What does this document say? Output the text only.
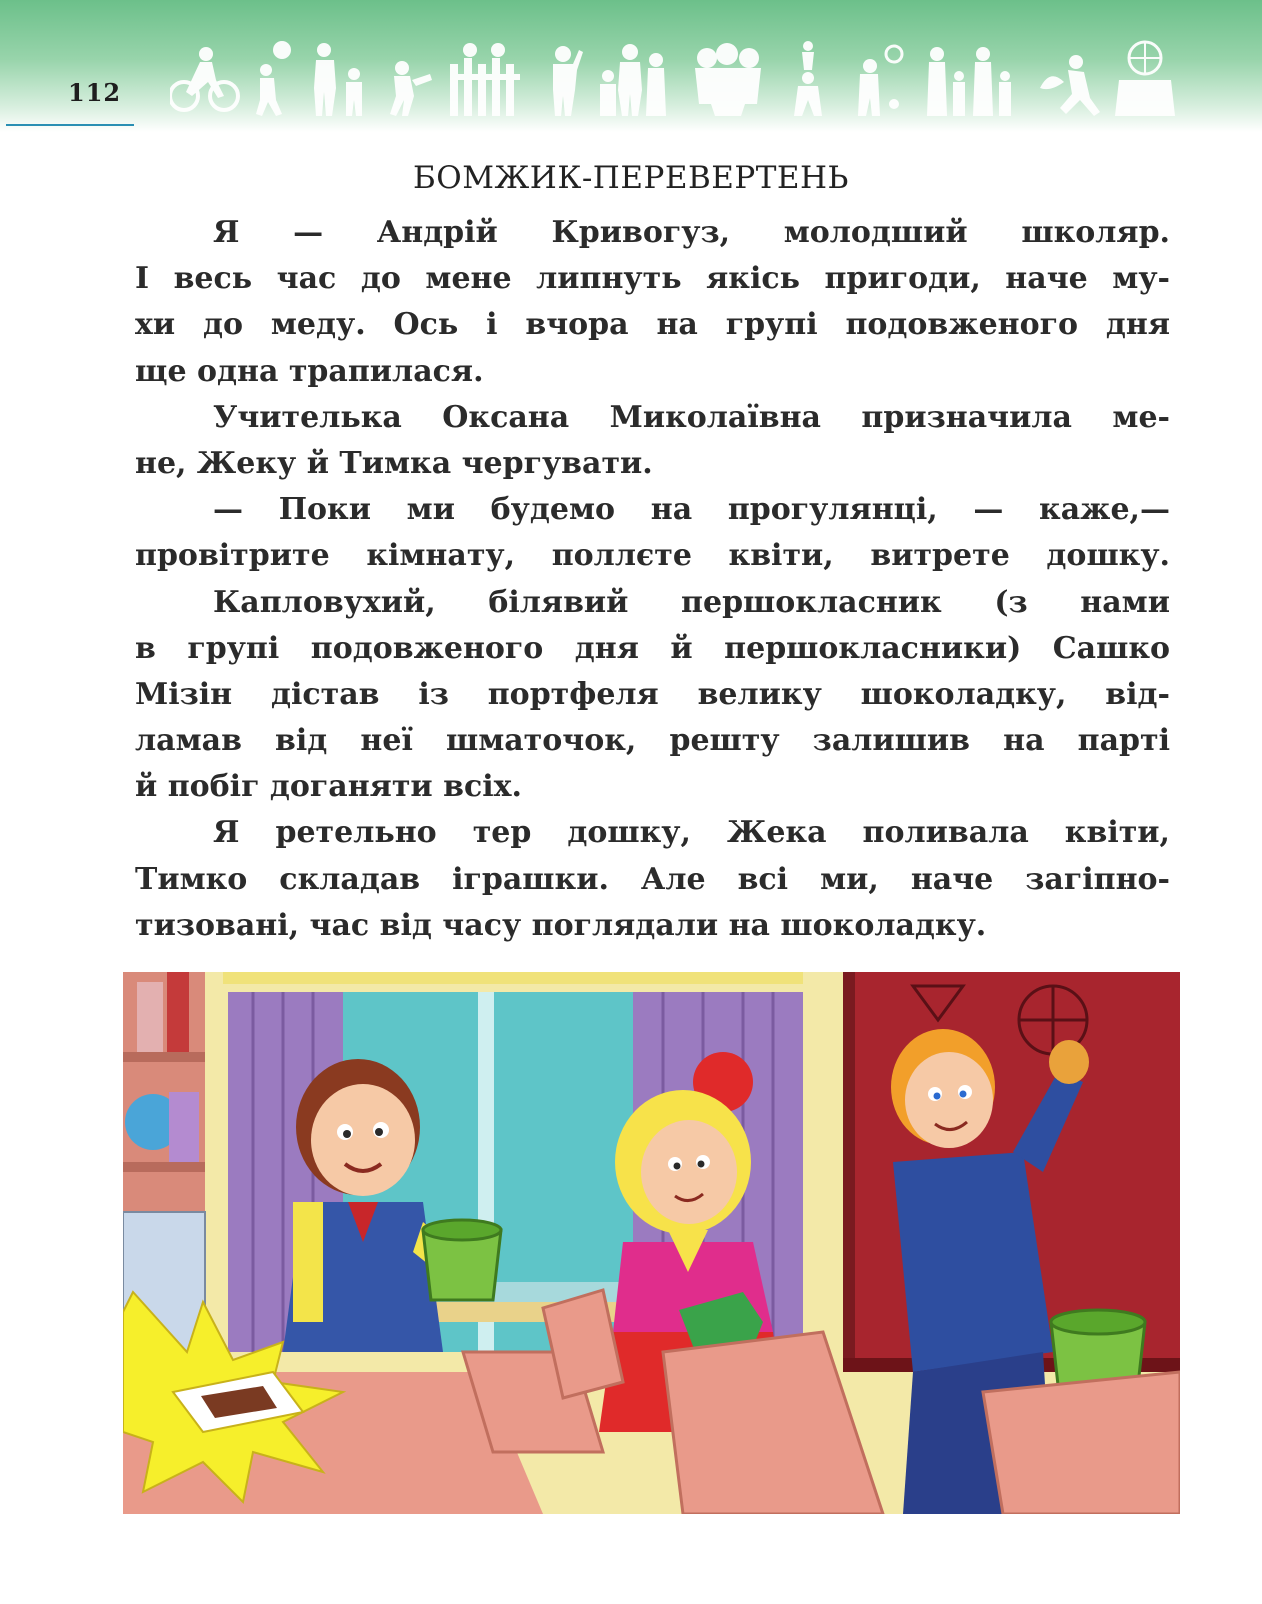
112
БОМЖИК-ПЕРЕВЕРТЕНЬ
Я — Андрій Кривогуз, молодший школяр.
І весь час до мене липнуть якісь пригоди, наче му-
хи до меду. Ось і вчора на групі подовженого дня
ще одна трапилася.
Учителька Оксана Миколаївна призначила ме-
не, Жеку й Тимка чергувати.
— Поки ми будемо на прогулянці, — каже,—
провітрите кімнату, поллєте квіти, витрете дошку.
Капловухий, білявий першокласник (з нами
в групі подовженого дня й першокласники) Сашко
Мізін дістав із портфеля велику шоколадку, від-
ламав від неї шматочок, решту залишив на парті
й побіг доганяти всіх.
Я ретельно тер дошку, Жека поливала квіти,
Тимко складав іграшки. Але всі ми, наче загіпно-
тизовані, час від часу поглядали на шоколадку.
